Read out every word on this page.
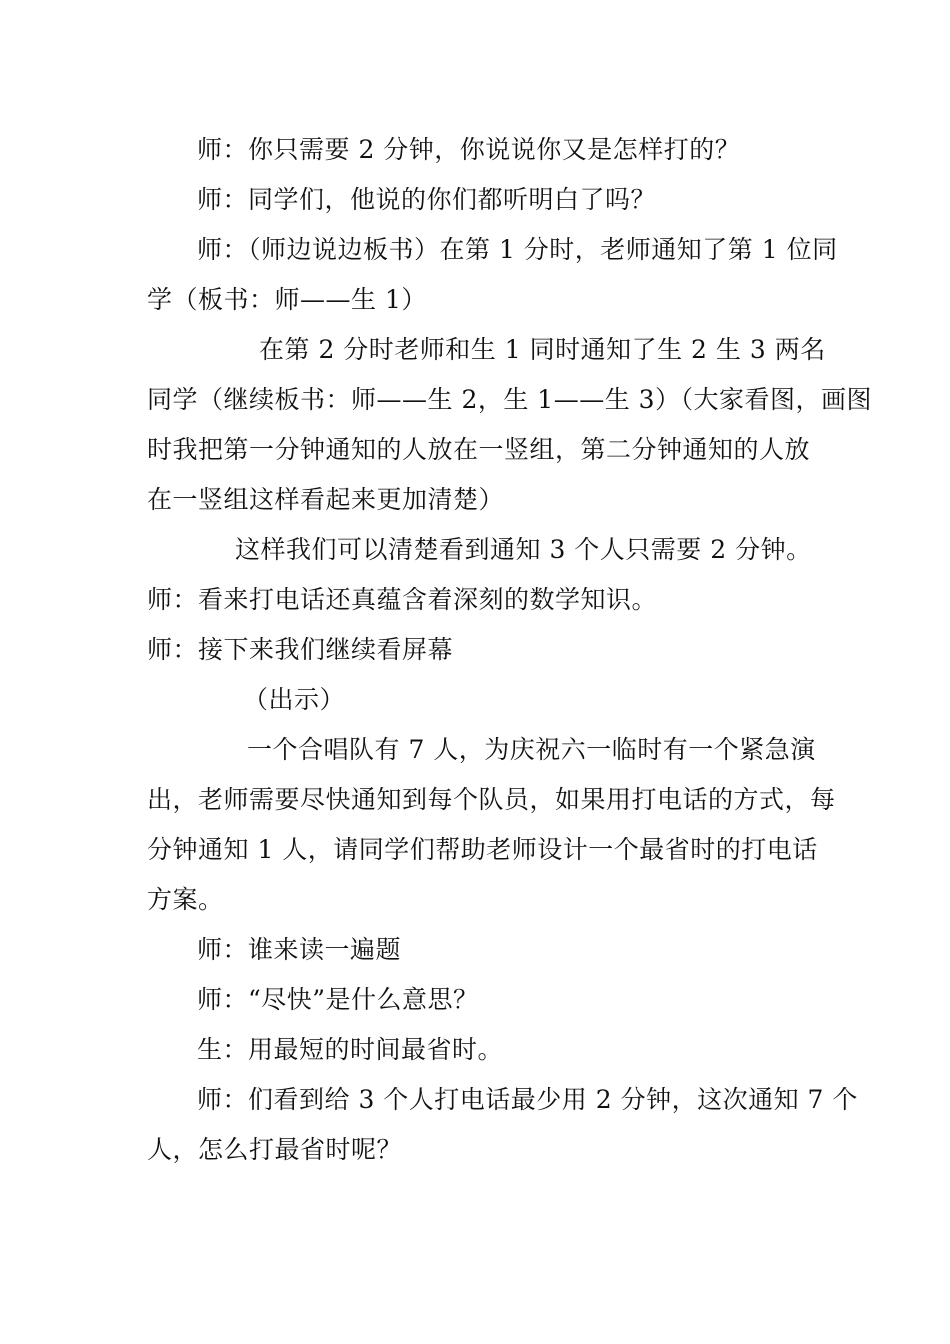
师：你只需要 2 分钟，你说说你又是怎样打的？
师：同学们，他说的你们都听明白了吗？
师：（师边说边板书）在第 1 分时，老师通知了第 1 位同
学（板书：师——生 1）
在第 2 分时老师和生 1 同时通知了生 2 生 3 两名
同学（继续板书：师——生 2，生 1——生 3）（大家看图，画图
时我把第一分钟通知的人放在一竖组，第二分钟通知的人放
在一竖组这样看起来更加清楚）
这样我们可以清楚看到通知 3 个人只需要 2 分钟。
师：看来打电话还真蕴含着深刻的数学知识。
师：接下来我们继续看屏幕
（出示）
一个合唱队有 7 人，为庆祝六一临时有一个紧急演
出，老师需要尽快通知到每个队员，如果用打电话的方式，每
分钟通知 1 人，请同学们帮助老师设计一个最省时的打电话
方案。
师：谁来读一遍题
师：“尽快”是什么意思？
生：用最短的时间最省时。
师：们看到给 3 个人打电话最少用 2 分钟，这次通知 7 个
人，怎么打最省时呢？
